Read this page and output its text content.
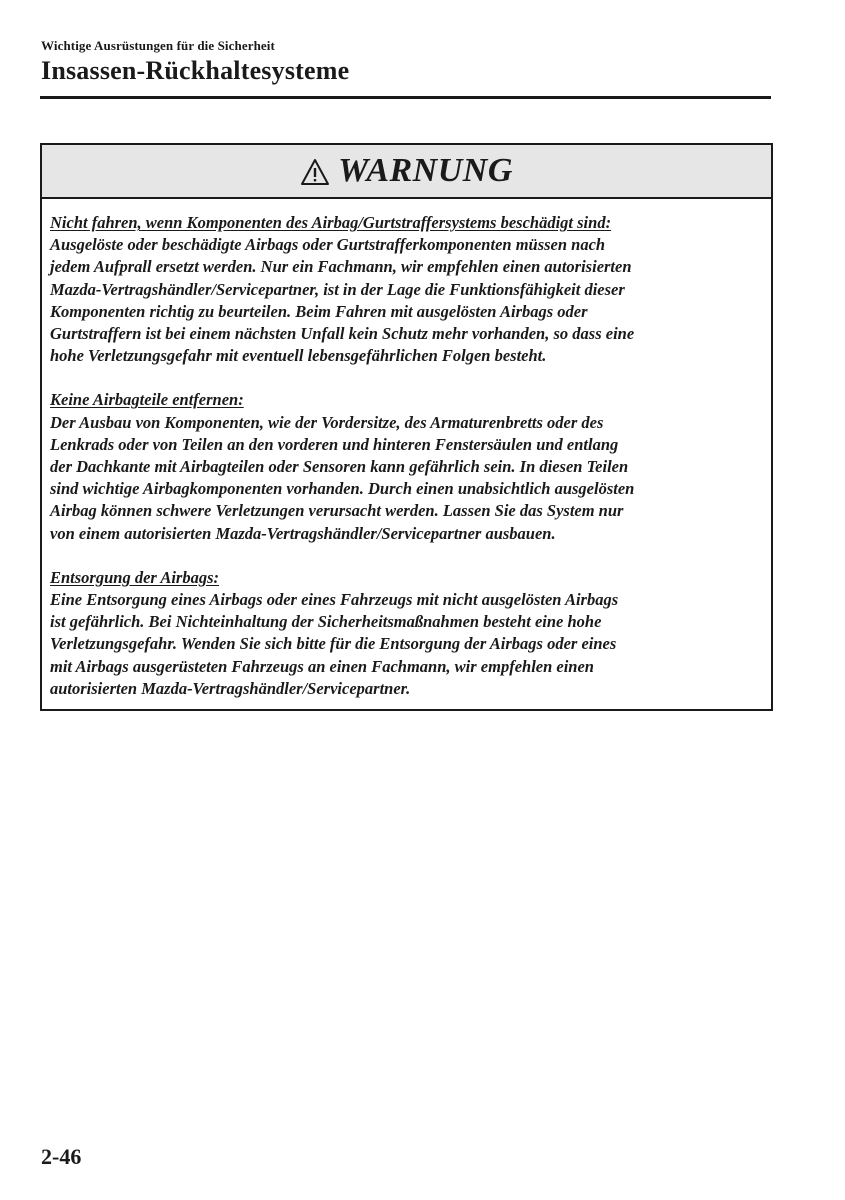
Wichtige Ausrüstungen für die Sicherheit
Insassen-Rückhaltesysteme
WARNUNG
Nicht fahren, wenn Komponenten des Airbag/Gurtstraffersystems beschädigt sind:
Ausgelöste oder beschädigte Airbags oder Gurtstrafferkomponenten müssen nach
jedem Aufprall ersetzt werden. Nur ein Fachmann, wir empfehlen einen autorisierten
Mazda-Vertragshändler/Servicepartner, ist in der Lage die Funktionsfähigkeit dieser
Komponenten richtig zu beurteilen. Beim Fahren mit ausgelösten Airbags oder
Gurtstraffern ist bei einem nächsten Unfall kein Schutz mehr vorhanden, so dass eine
hohe Verletzungsgefahr mit eventuell lebensgefährlichen Folgen besteht.
Keine Airbagteile entfernen:
Der Ausbau von Komponenten, wie der Vordersitze, des Armaturenbretts oder des
Lenkrads oder von Teilen an den vorderen und hinteren Fenstersäulen und entlang
der Dachkante mit Airbagteilen oder Sensoren kann gefährlich sein. In diesen Teilen
sind wichtige Airbagkomponenten vorhanden. Durch einen unabsichtlich ausgelösten
Airbag können schwere Verletzungen verursacht werden. Lassen Sie das System nur
von einem autorisierten Mazda-Vertragshändler/Servicepartner ausbauen.
Entsorgung der Airbags:
Eine Entsorgung eines Airbags oder eines Fahrzeugs mit nicht ausgelösten Airbags
ist gefährlich. Bei Nichteinhaltung der Sicherheitsmaßnahmen besteht eine hohe
Verletzungsgefahr. Wenden Sie sich bitte für die Entsorgung der Airbags oder eines
mit Airbags ausgerüsteten Fahrzeugs an einen Fachmann, wir empfehlen einen
autorisierten Mazda-Vertragshändler/Servicepartner.
2-46
